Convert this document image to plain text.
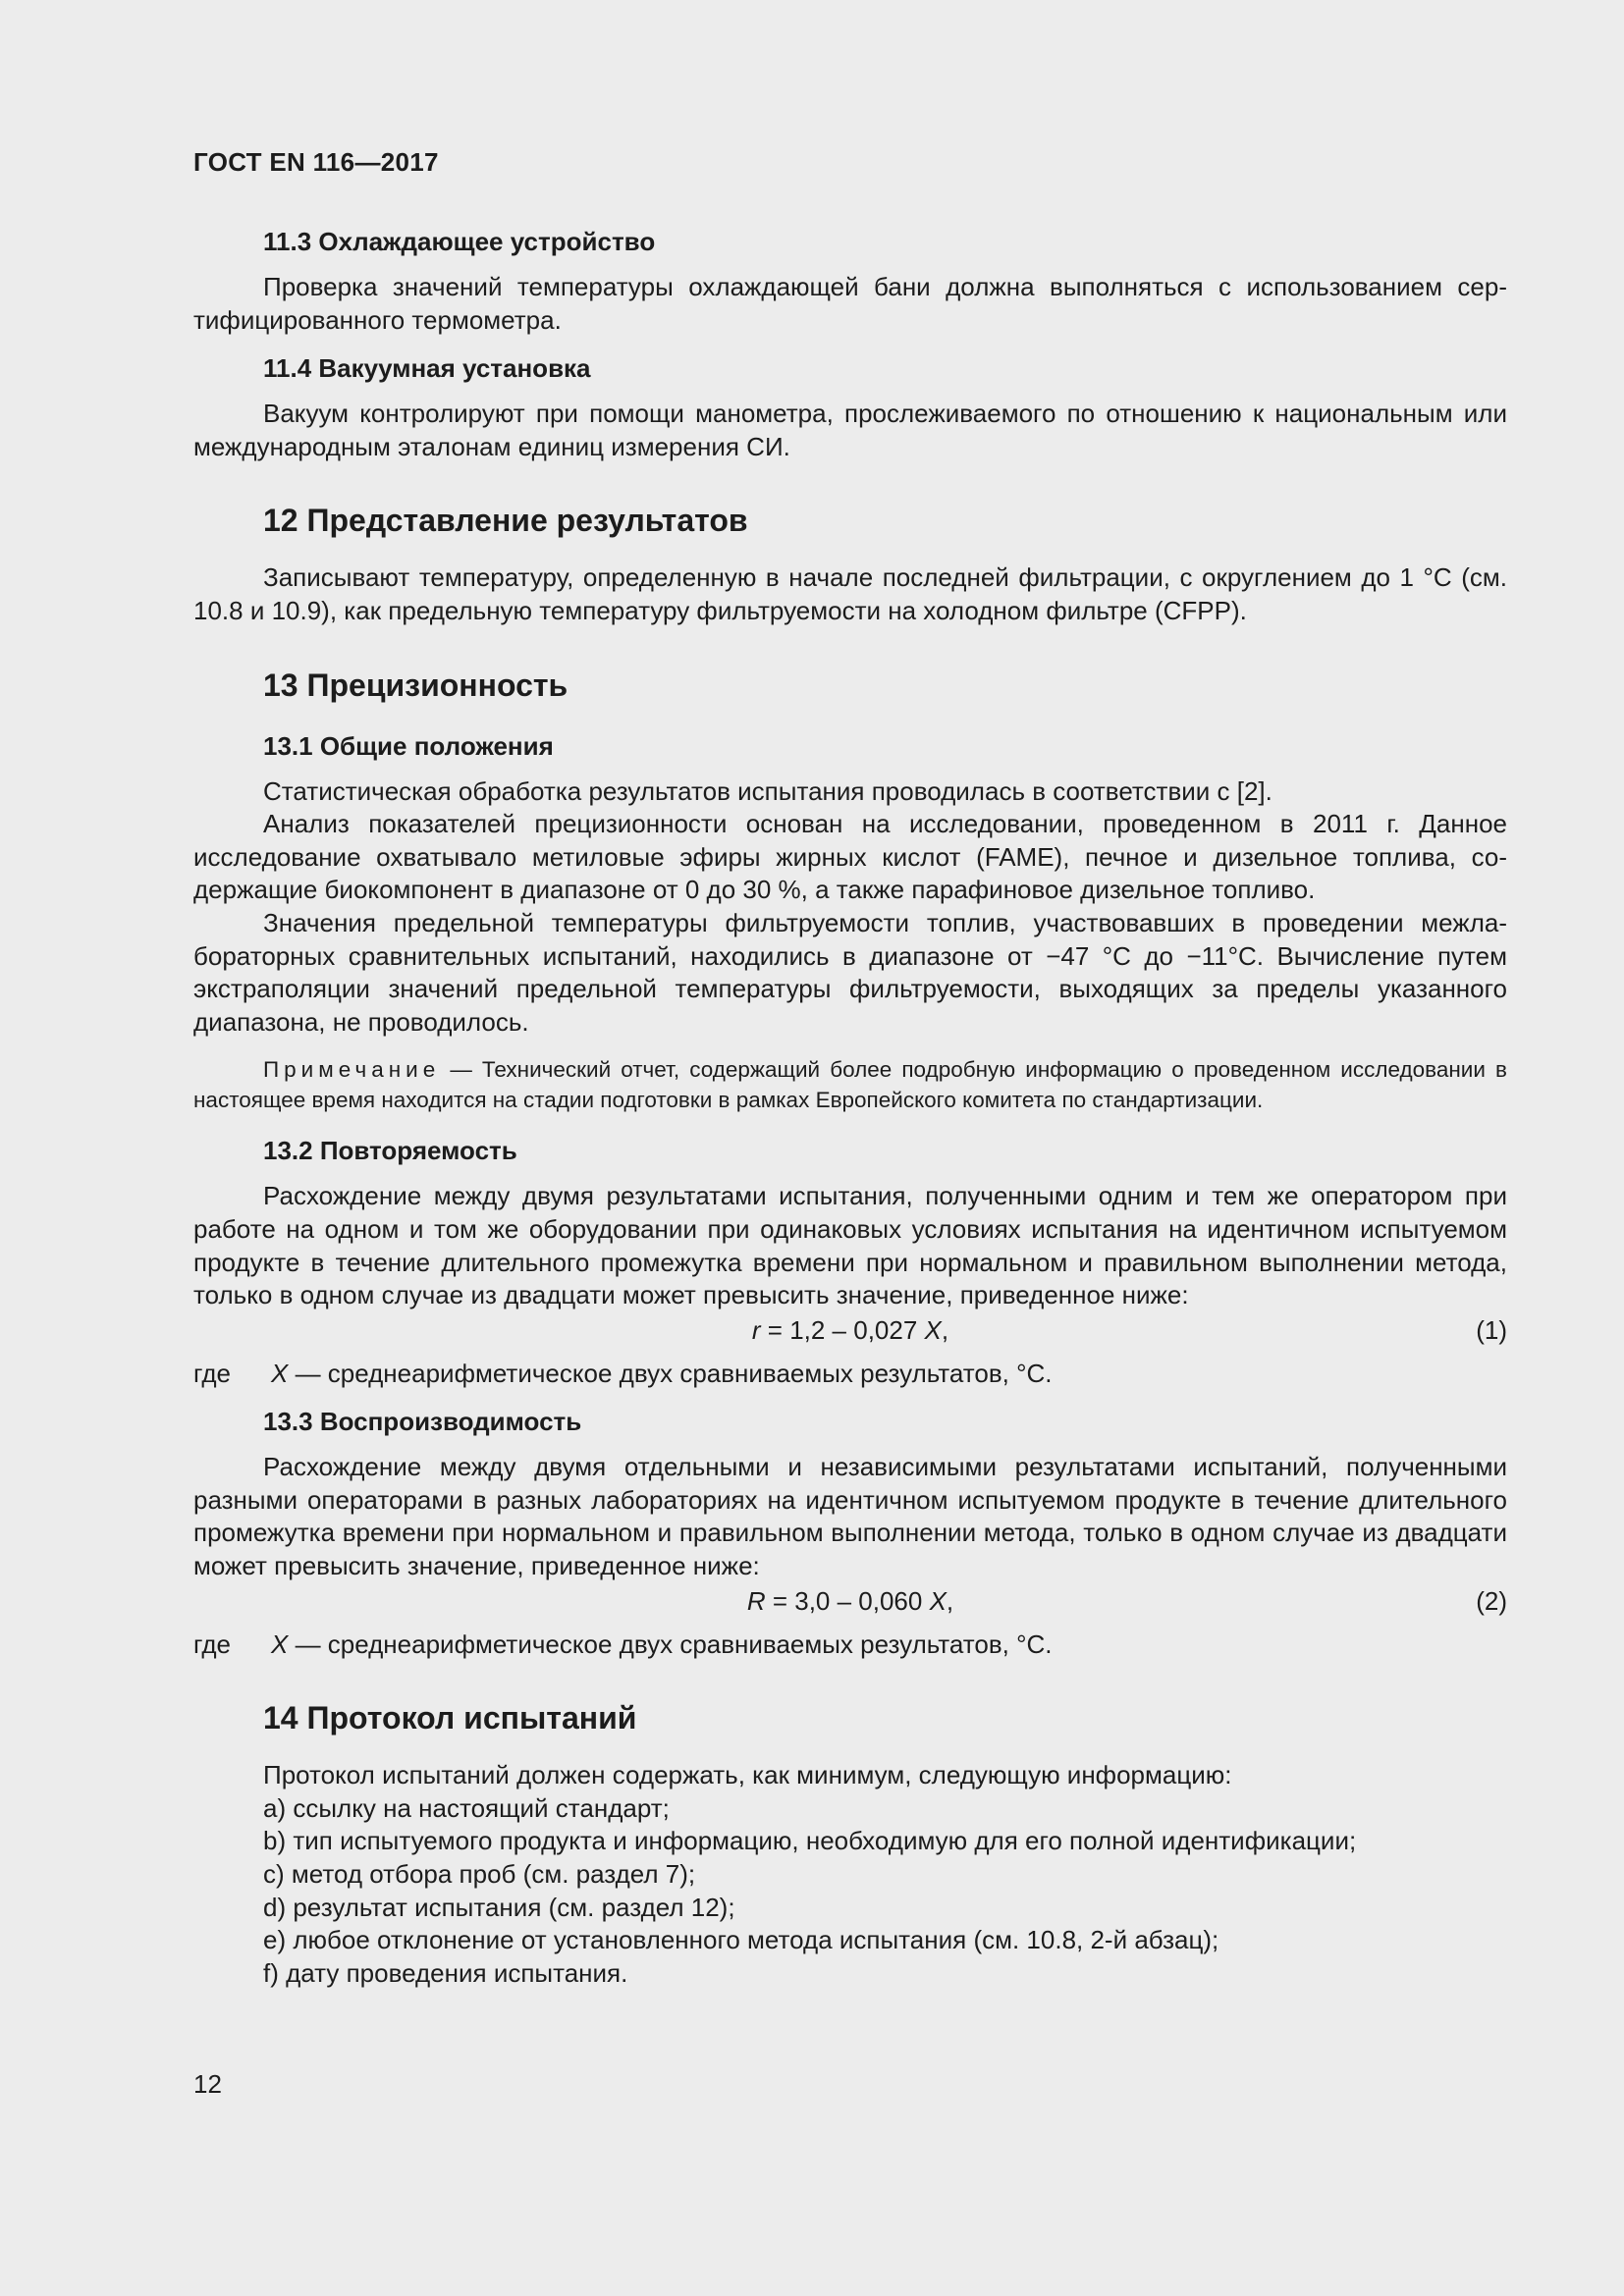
ГОСТ EN 116—2017
11.3 Охлаждающее устройство

Проверка значений температуры охлаждающей бани должна выполняться с использованием сертифицированного термометра.

11.4 Вакуумная установка

Вакуум контролируют при помощи манометра, прослеживаемого по отношению к национальным или международным эталонам единиц измерения СИ.

12 Представление результатов

Записывают температуру, определенную в начале последней фильтрации, с округлением до 1 °С (см. 10.8 и 10.9), как предельную температуру фильтруемости на холодном фильтре (CFPP).

13 Прецизионность
13.1 Общие положения

Статистическая обработка результатов испытания проводилась в соответствии с [2].

Анализ показателей прецизионности основан на исследовании, проведенном в 2011 г. Данное исследование охватывало метиловые эфиры жирных кислот (FAME), печное и дизельное топлива, содержащие биокомпонент в диапазоне от 0 до 30 %, а также парафиновое дизельное топливо.

Значения предельной температуры фильтруемости топлив, участвовавших в проведении межлабораторных сравнительных испытаний, находились в диапазоне от −47 °С до −11°С. Вычисление путем экстраполяции значений предельной температуры фильтруемости, выходящих за пределы указанного диапазона, не проводилось.

Примечание — Технический отчет, содержащий более подробную информацию о проведенном исследовании в настоящее время находится на стадии подготовки в рамках Европейского комитета по стандартизации.

13.2 Повторяемость

Расхождение между двумя результатами испытания, полученными одним и тем же оператором при работе на одном и том же оборудовании при одинаковых условиях испытания на идентичном испытуемом продукте в течение длительного промежутка времени при нормальном и правильном выполнении метода, только в одном случае из двадцати может превысить значение, приведенное ниже:

r = 1,2 – 0,027 X,	(1)
где	X — среднеарифметическое двух сравниваемых результатов, °С.
13.3 Воспроизводимость

Расхождение между двумя отдельными и независимыми результатами испытаний, полученными разными операторами в разных лабораториях на идентичном испытуемом продукте в течение длительного промежутка времени при нормальном и правильном выполнении метода, только в одном случае из двадцати может превысить значение, приведенное ниже:

R = 3,0 – 0,060 X,	(2)
где	X — среднеарифметическое двух сравниваемых результатов, °С.
14 Протокол испытаний

Протокол испытаний должен содержать, как минимум, следующую информацию:

a) ссылку на настоящий стандарт;
b) тип испытуемого продукта и информацию, необходимую для его полной идентификации;
c) метод отбора проб (см. раздел 7);
d) результат испытания (см. раздел 12);
e) любое отклонение от установленного метода испытания (см. 10.8, 2-й абзац);
f) дату проведения испытания.
12
